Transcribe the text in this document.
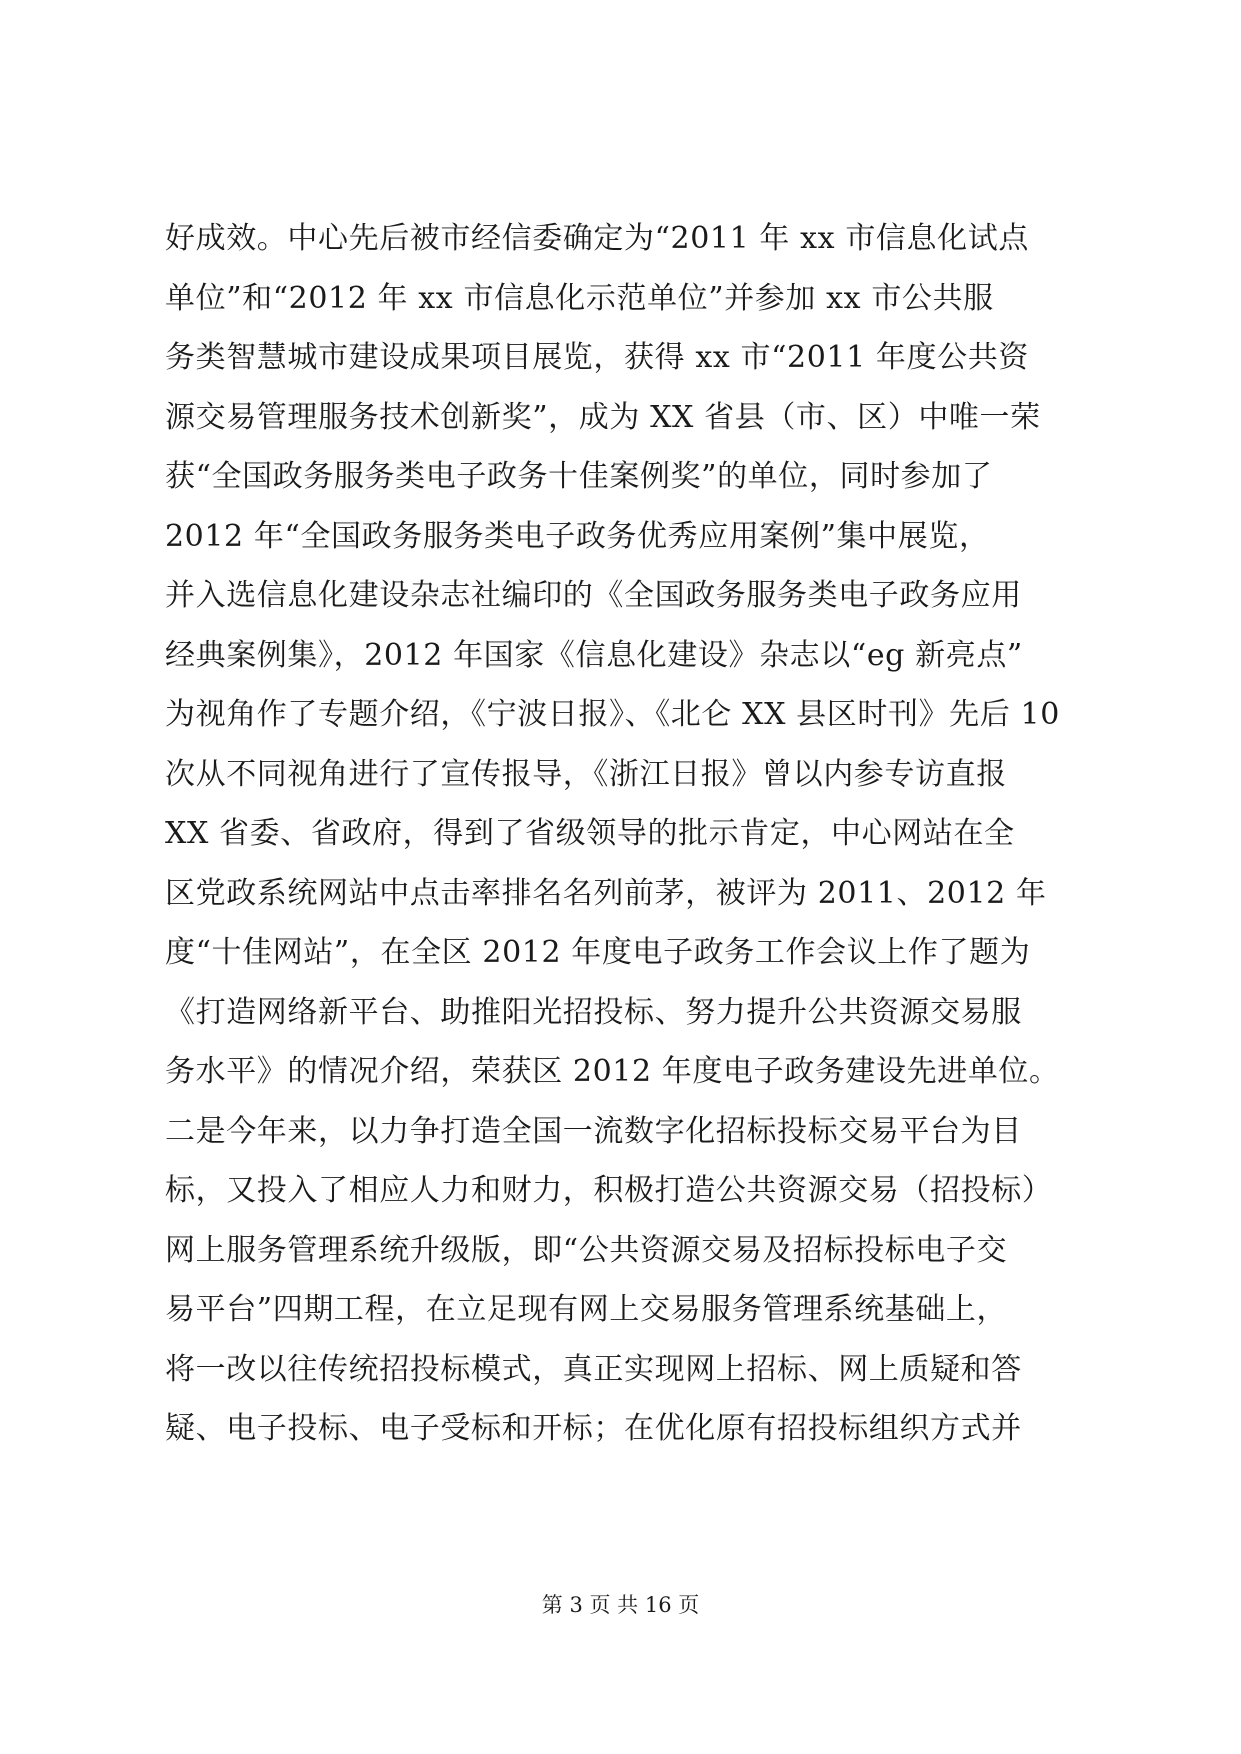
好成效。中心先后被市经信委确定为“2011 年 xx 市信息化试点
单位”和“2012 年 xx 市信息化示范单位”并参加 xx 市公共服
务类智慧城市建设成果项目展览，获得 xx 市“2011 年度公共资
源交易管理服务技术创新奖”，成为 XX 省县（市、区）中唯一荣
获“全国政务服务类电子政务十佳案例奖”的单位，同时参加了
2012 年“全国政务服务类电子政务优秀应用案例”集中展览，
并入选信息化建设杂志社编印的《全国政务服务类电子政务应用
经典案例集》，2012 年国家《信息化建设》杂志以“eg 新亮点”
为视角作了专题介绍，《宁波日报》、《北仑 XX 县区时刊》先后 10
次从不同视角进行了宣传报导，《浙江日报》曾以内参专访直报
XX 省委、省政府，得到了省级领导的批示肯定，中心网站在全
区党政系统网站中点击率排名名列前茅，被评为 2011、2012 年
度“十佳网站”，在全区 2012 年度电子政务工作会议上作了题为
《打造网络新平台、助推阳光招投标、努力提升公共资源交易服
务水平》的情况介绍，荣获区 2012 年度电子政务建设先进单位。
二是今年来，以力争打造全国一流数字化招标投标交易平台为目
标，又投入了相应人力和财力，积极打造公共资源交易（招投标）
网上服务管理系统升级版，即“公共资源交易及招标投标电子交
易平台”四期工程，在立足现有网上交易服务管理系统基础上，
将一改以往传统招投标模式，真正实现网上招标、网上质疑和答
疑、电子投标、电子受标和开标；在优化原有招投标组织方式并
第 3 页 共 16 页
